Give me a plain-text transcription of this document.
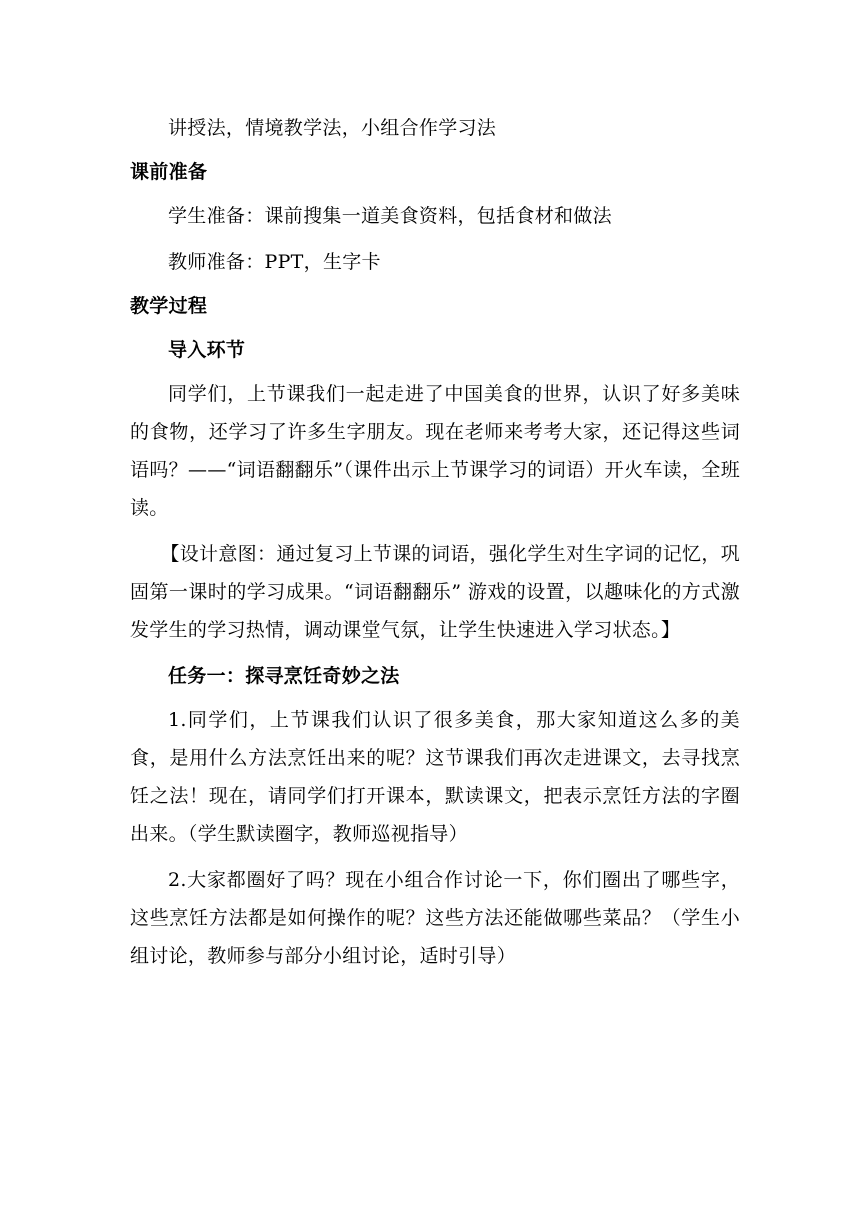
讲授法，情境教学法，小组合作学习法

课前准备

学生准备：课前搜集一道美食资料，包括食材和做法

教师准备：PPT，生字卡

教学过程

导入环节

同学们，上节课我们一起走进了中国美食的世界，认识了好多美味的食物，还学习了许多生字朋友。现在老师来考考大家，还记得这些词语吗？——“词语翻翻乐”（课件出示上节课学习的词语）开火车读，全班读。

【设计意图：通过复习上节课的词语，强化学生对生字词的记忆，巩固第一课时的学习成果。“词语翻翻乐” 游戏的设置，以趣味化的方式激发学生的学习热情，调动课堂气氛，让学生快速进入学习状态。】

任务一：探寻烹饪奇妙之法

1.同学们，上节课我们认识了很多美食，那大家知道这么多的美食，是用什么方法烹饪出来的呢？这节课我们再次走进课文，去寻找烹饪之法！现在，请同学们打开课本，默读课文，把表示烹饪方法的字圈出来。（学生默读圈字，教师巡视指导）

2.大家都圈好了吗？现在小组合作讨论一下，你们圈出了哪些字，这些烹饪方法都是如何操作的呢？这些方法还能做哪些菜品？（学生小组讨论，教师参与部分小组讨论，适时引导）
